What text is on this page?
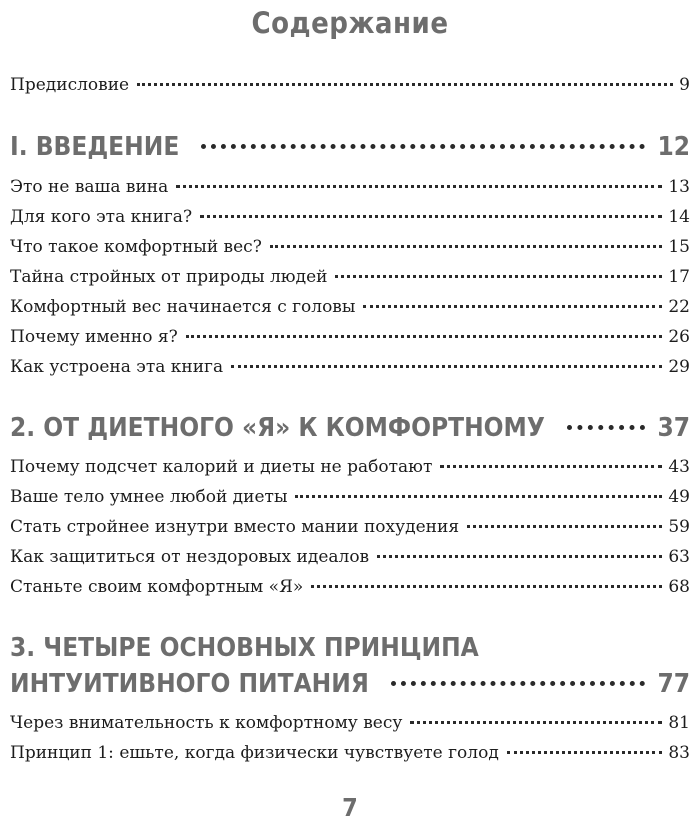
Содержание
Предисловие	9
I. ВВЕДЕНИЕ	12
Это не ваша вина	13
Для кого эта книга?	14
Что такое комфортный вес?	15
Тайна стройных от природы людей	17
Комфортный вес начинается с головы	22
Почему именно я?	26
Как устроена эта книга	29
2. ОТ ДИЕТНОГО «Я» К КОМФОРТНОМУ	37
Почему подсчет калорий и диеты не работают	43
Ваше тело умнее любой диеты	49
Стать стройнее изнутри вместо мании похудения	59
Как защититься от нездоровых идеалов	63
Станьте своим комфортным «Я»	68
3. ЧЕТЫРЕ ОСНОВНЫХ ПРИНЦИПА
ИНТУИТИВНОГО ПИТАНИЯ	77
Через внимательность к комфортному весу	81
Принцип 1: ешьте, когда физически чувствуете голод	83
7
